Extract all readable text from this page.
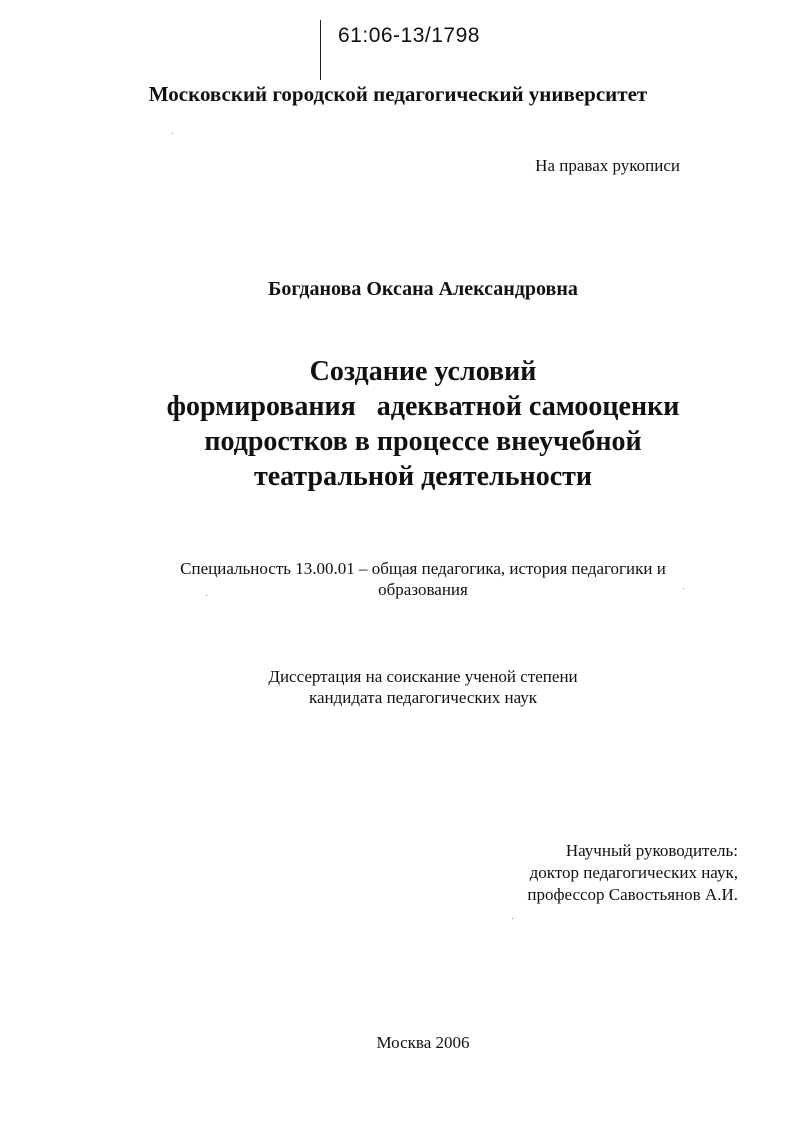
61:06-13/1798
Московский городской педагогический университет
На правах рукописи
Богданова Оксана Александровна
Создание условий
формирования   адекватной самооценки
подростков в процессе внеучебной
театральной деятельности
Специальность 13.00.01 – общая педагогика, история педагогики и
образования
Диссертация на соискание ученой степени
кандидата педагогических наук
Научный руководитель:
доктор педагогических наук,
профессор Савостьянов А.И.
Москва 2006
